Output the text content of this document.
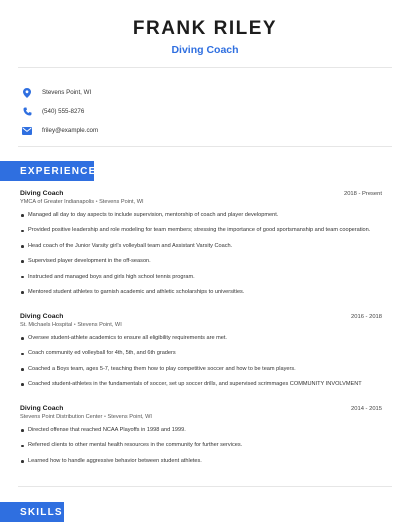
FRANK RILEY
Diving Coach
Stevens Point, WI
(540) 555-8276
friley@example.com
EXPERIENCE
Diving Coach	2018 - Present
YMCA of Greater Indianapolis • Stevens Point, WI
Managed all day to day aspects to include supervision, mentorship of coach and player development.
Provided positive leadership and role modeling for team members; stressing the importance of good sportsmanship and team cooperation.
Head coach of the Junior Varsity girl's volleyball team and Assistant Varsity Coach.
Supervised player development in the off-season.
Instructed and managed boys and girls high school tennis program.
Mentored student athletes to garnish academic and athletic scholarships to universities.
Diving Coach	2016 - 2018
St. Michaels Hospital • Stevens Point, WI
Oversee student-athlete academics to ensure all eligibility requirements are met.
Coach community ed volleyball for 4th, 5th, and 6th graders
Coached a Boys team, ages 5-7, teaching them how to play competitive soccer and how to be team players.
Coached student-athletes in the fundamentals of soccer, set up soccer drills, and supervised scrimmages COMMUNITY INVOLVMENT
Diving Coach	2014 - 2015
Stevens Point Distribution Center • Stevens Point, WI
Directed offense that reached NCAA Playoffs in 1998 and 1999.
Referred clients to other mental health resources in the community for further services.
Learned how to handle aggressive behavior between student athletes.
SKILLS
